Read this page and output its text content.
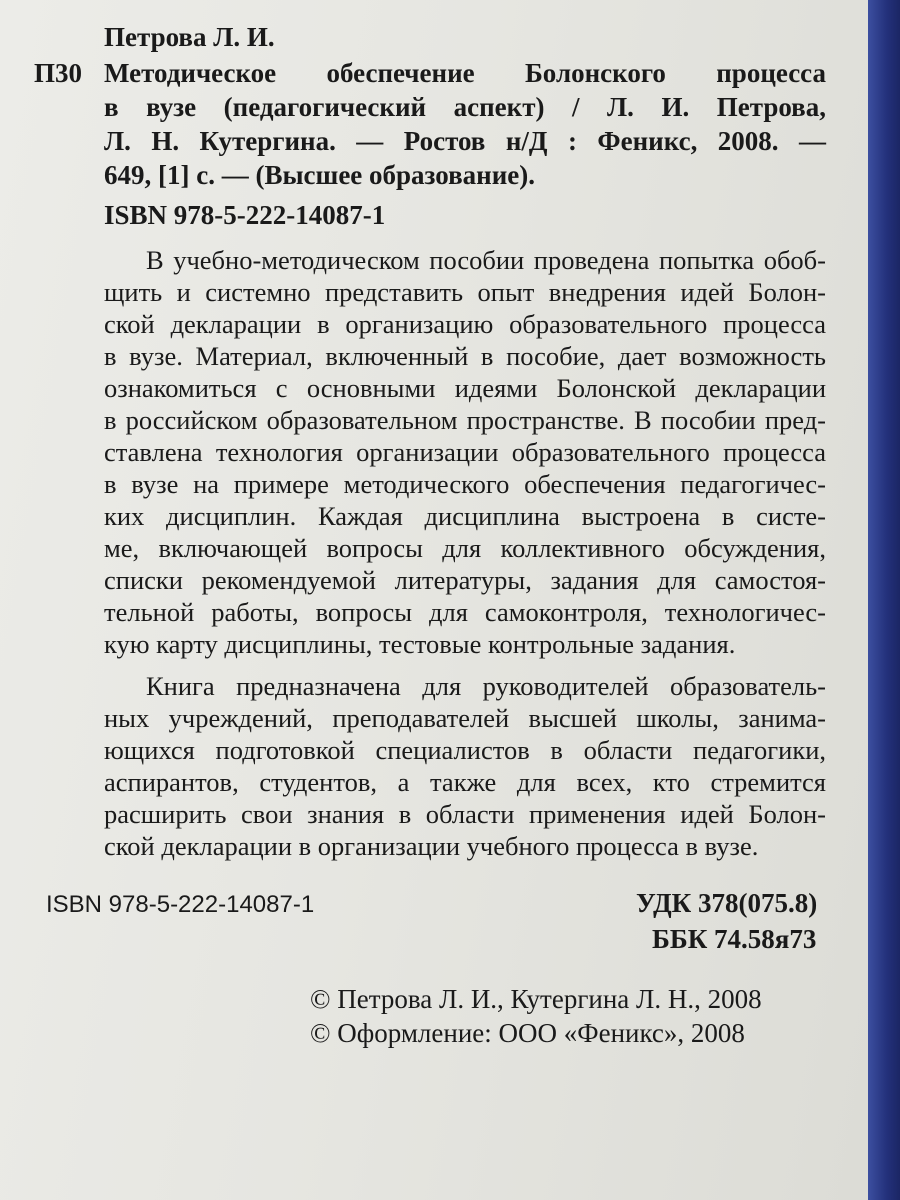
Петрова Л. И.
П30 Методическое обеспечение Болонского процесса
в вузе (педагогический аспект) / Л. И. Петрова,
Л. Н. Кутергина. — Ростов н/Д : Феникс, 2008. —
649, [1] с. — (Высшее образование).
ISBN 978-5-222-14087-1
В учебно-методическом пособии проведена попытка обоб-
щить и системно представить опыт внедрения идей Болон-
ской декларации в организацию образовательного процесса
в вузе. Материал, включенный в пособие, дает возможность
ознакомиться с основными идеями Болонской декларации
в российском образовательном пространстве. В пособии пред-
ставлена технология организации образовательного процесса
в вузе на примере методического обеспечения педагогичес-
ких дисциплин. Каждая дисциплина выстроена в систе-
ме, включающей вопросы для коллективного обсуждения,
списки рекомендуемой литературы, задания для самостоя-
тельной работы, вопросы для самоконтроля, технологичес-
кую карту дисциплины, тестовые контрольные задания.
Книга предназначена для руководителей образователь-
ных учреждений, преподавателей высшей школы, занима-
ющихся подготовкой специалистов в области педагогики,
аспирантов, студентов, а также для всех, кто стремится
расширить свои знания в области применения идей Болон-
ской декларации в организации учебного процесса в вузе.
ISBN 978-5-222-14087-1	УДК 378(075.8)
ББК 74.58я73
© Петрова Л. И., Кутергина Л. Н., 2008
© Оформление: ООО «Феникс», 2008
